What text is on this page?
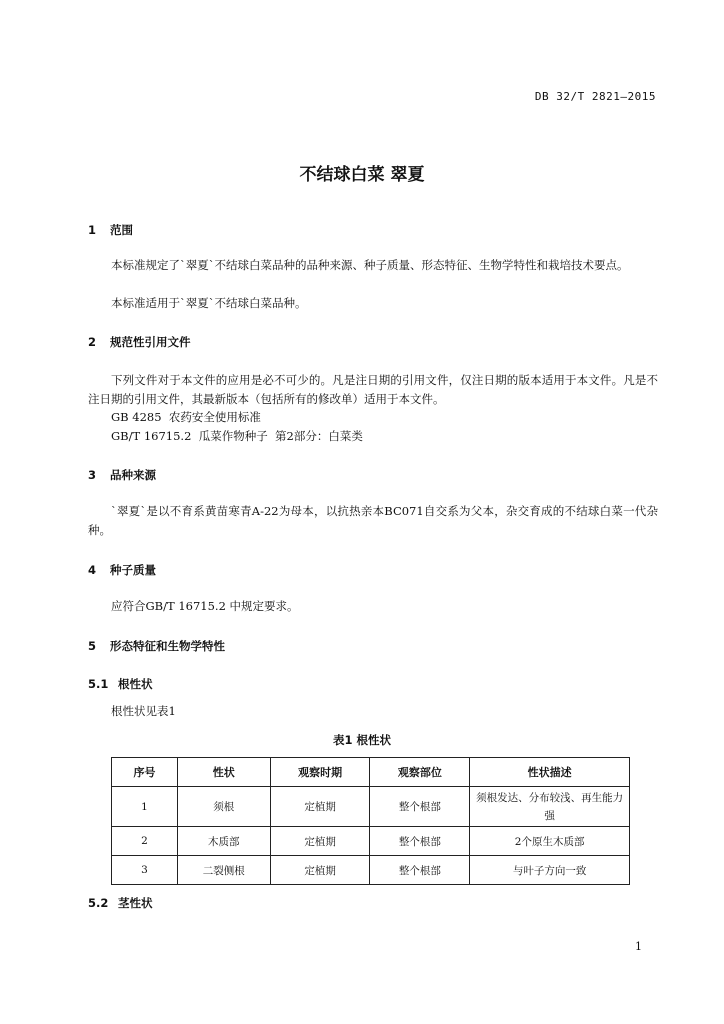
DB 32/T 2821—2015
不结球白菜 翠夏
1 范围

本标准规定了`翠夏`不结球白菜品种的品种来源、种子质量、形态特征、生物学特性和栽培技术要点。

本标准适用于`翠夏`不结球白菜品种。

2 规范性引用文件

下列文件对于本文件的应用是必不可少的。凡是注日期的引用文件，仅注日期的版本适用于本文件。凡是不注日期的引用文件，其最新版本（包括所有的修改单）适用于本文件。

GB 4285  农药安全使用标准
GB/T 16715.2  瓜菜作物种子  第2部分：白菜类
3 品种来源

`翠夏`是以不育系黄苗寒青A-22为母本，以抗热亲本BC071自交系为父本，杂交育成的不结球白菜一代杂种。

4 种子质量

应符合GB/T 16715.2 中规定要求。

5 形态特征和生物学特性
5.1 根性状
根性状见表1
表1 根性状
序号	性状	观察时期	观察部位	性状描述
1	须根	定植期	整个根部	须根发达、分布较浅、再生能力强
2	木质部	定植期	整个根部	2个原生木质部
3	二裂侧根	定植期	整个根部	与叶子方向一致
5.2 茎性状
1
